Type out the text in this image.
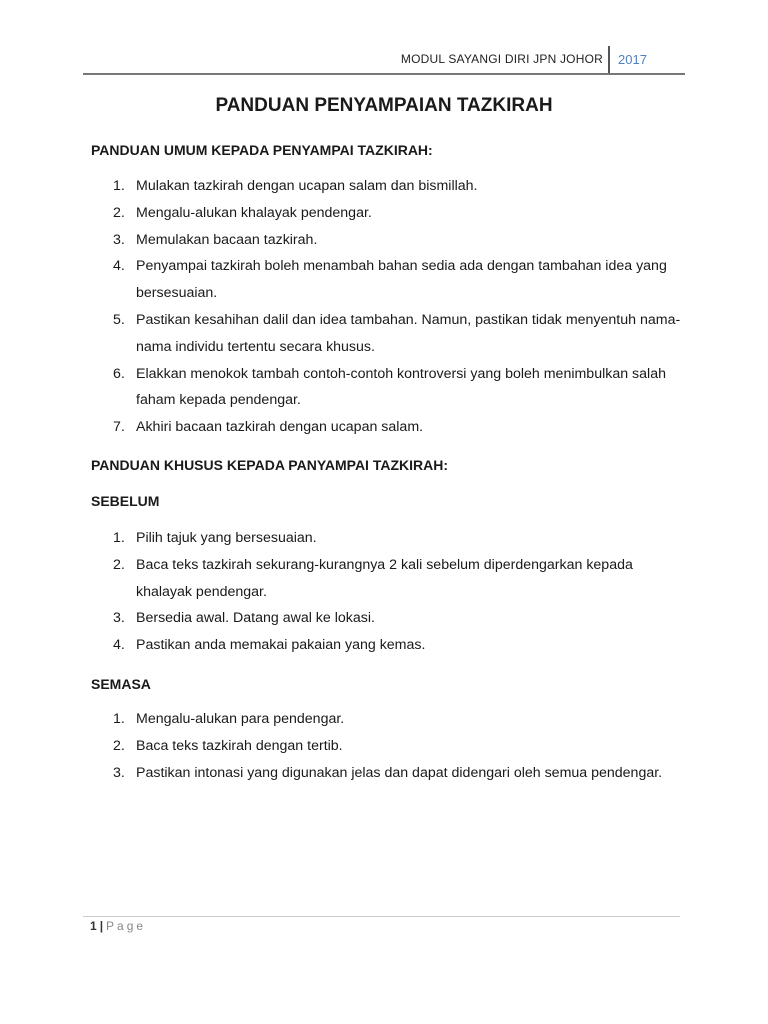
MODUL SAYANGI DIRI JPN JOHOR 2017
PANDUAN PENYAMPAIAN TAZKIRAH
PANDUAN UMUM KEPADA PENYAMPAI TAZKIRAH:
1. Mulakan tazkirah dengan ucapan salam dan bismillah.
2. Mengalu-alukan khalayak pendengar.
3. Memulakan bacaan tazkirah.
4. Penyampai tazkirah boleh menambah bahan sedia ada dengan tambahan idea yang bersesuaian.
5. Pastikan kesahihan dalil dan idea tambahan. Namun, pastikan tidak menyentuh nama-nama individu tertentu secara khusus.
6. Elakkan menokok tambah contoh-contoh kontroversi yang boleh menimbulkan salah faham kepada pendengar.
7. Akhiri bacaan tazkirah dengan ucapan salam.
PANDUAN KHUSUS KEPADA PANYAMPAI TAZKIRAH:
SEBELUM
1. Pilih tajuk yang bersesuaian.
2. Baca teks tazkirah sekurang-kurangnya 2 kali sebelum diperdengarkan kepada khalayak pendengar.
3. Bersedia awal. Datang awal ke lokasi.
4. Pastikan anda memakai pakaian yang kemas.
SEMASA
1. Mengalu-alukan para pendengar.
2. Baca teks tazkirah dengan tertib.
3. Pastikan intonasi yang digunakan jelas dan dapat didengari oleh semua pendengar.
1 | Page
